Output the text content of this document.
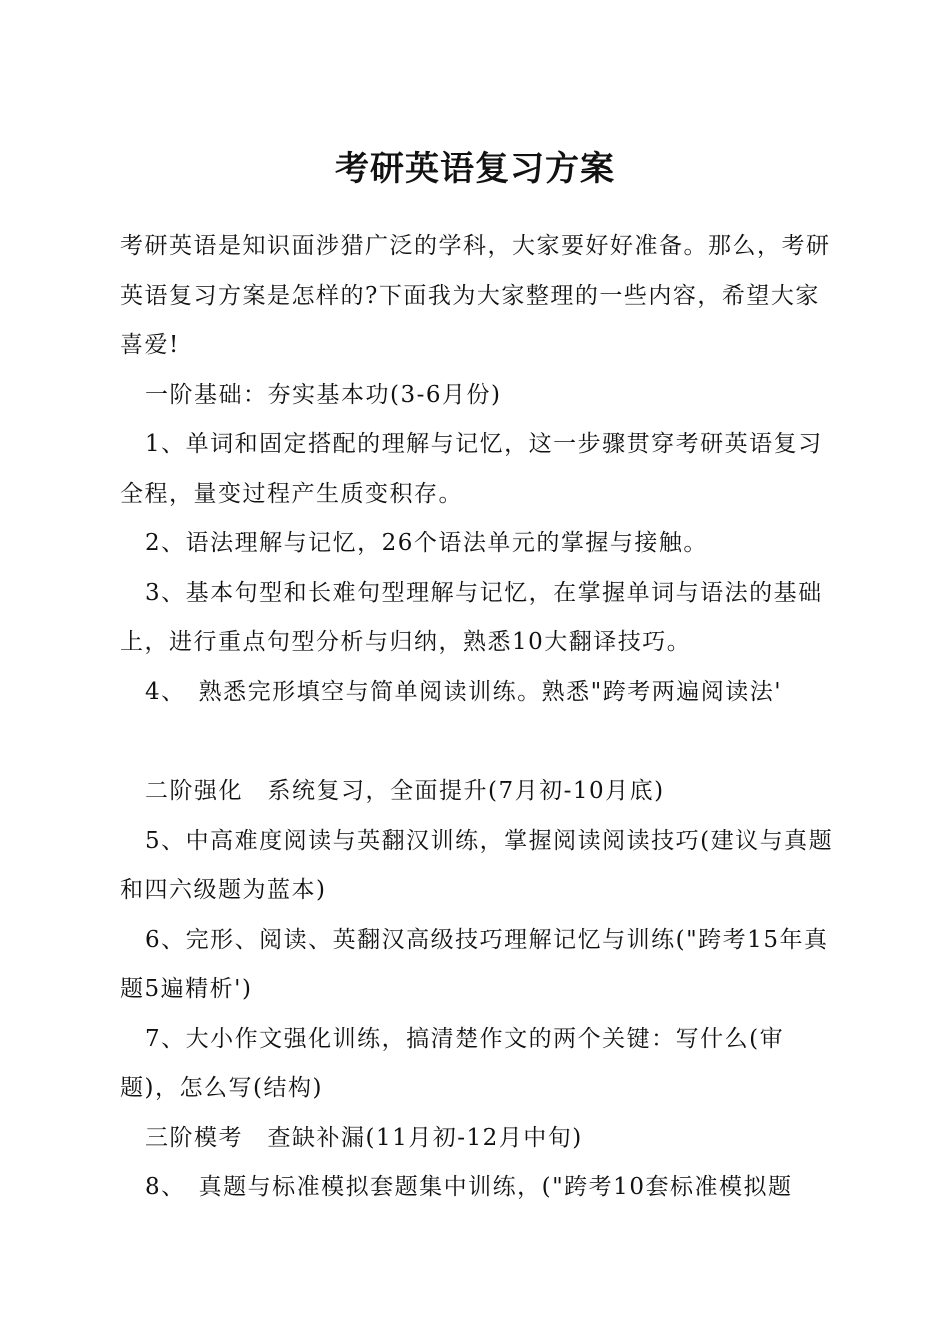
考研英语复习方案

考研英语是知识面涉猎广泛的学科，大家要好好准备。那么，考研英语复习方案是怎样的?下面我为大家整理的一些内容，希望大家喜爱!

一阶基础：夯实基本功(3-6月份)

1、单词和固定搭配的理解与记忆，这一步骤贯穿考研英语复习全程，量变过程产生质变积存。

2、语法理解与记忆，26个语法单元的掌握与接触。

3、基本句型和长难句型理解与记忆，在掌握单词与语法的基础上，进行重点句型分析与归纳，熟悉10大翻译技巧。

4、　熟悉完形填空与简单阅读训练。熟悉"跨考两遍阅读法'

二阶强化　系统复习，全面提升(7月初-10月底)

5、中高难度阅读与英翻汉训练，掌握阅读阅读技巧(建议与真题和四六级题为蓝本)

6、完形、阅读、英翻汉高级技巧理解记忆与训练("跨考15年真题5遍精析')

7、大小作文强化训练，搞清楚作文的两个关键：写什么(审题)，怎么写(结构)

三阶模考　查缺补漏(11月初-12月中旬)

8、　真题与标准模拟套题集中训练，("跨考10套标准模拟题
